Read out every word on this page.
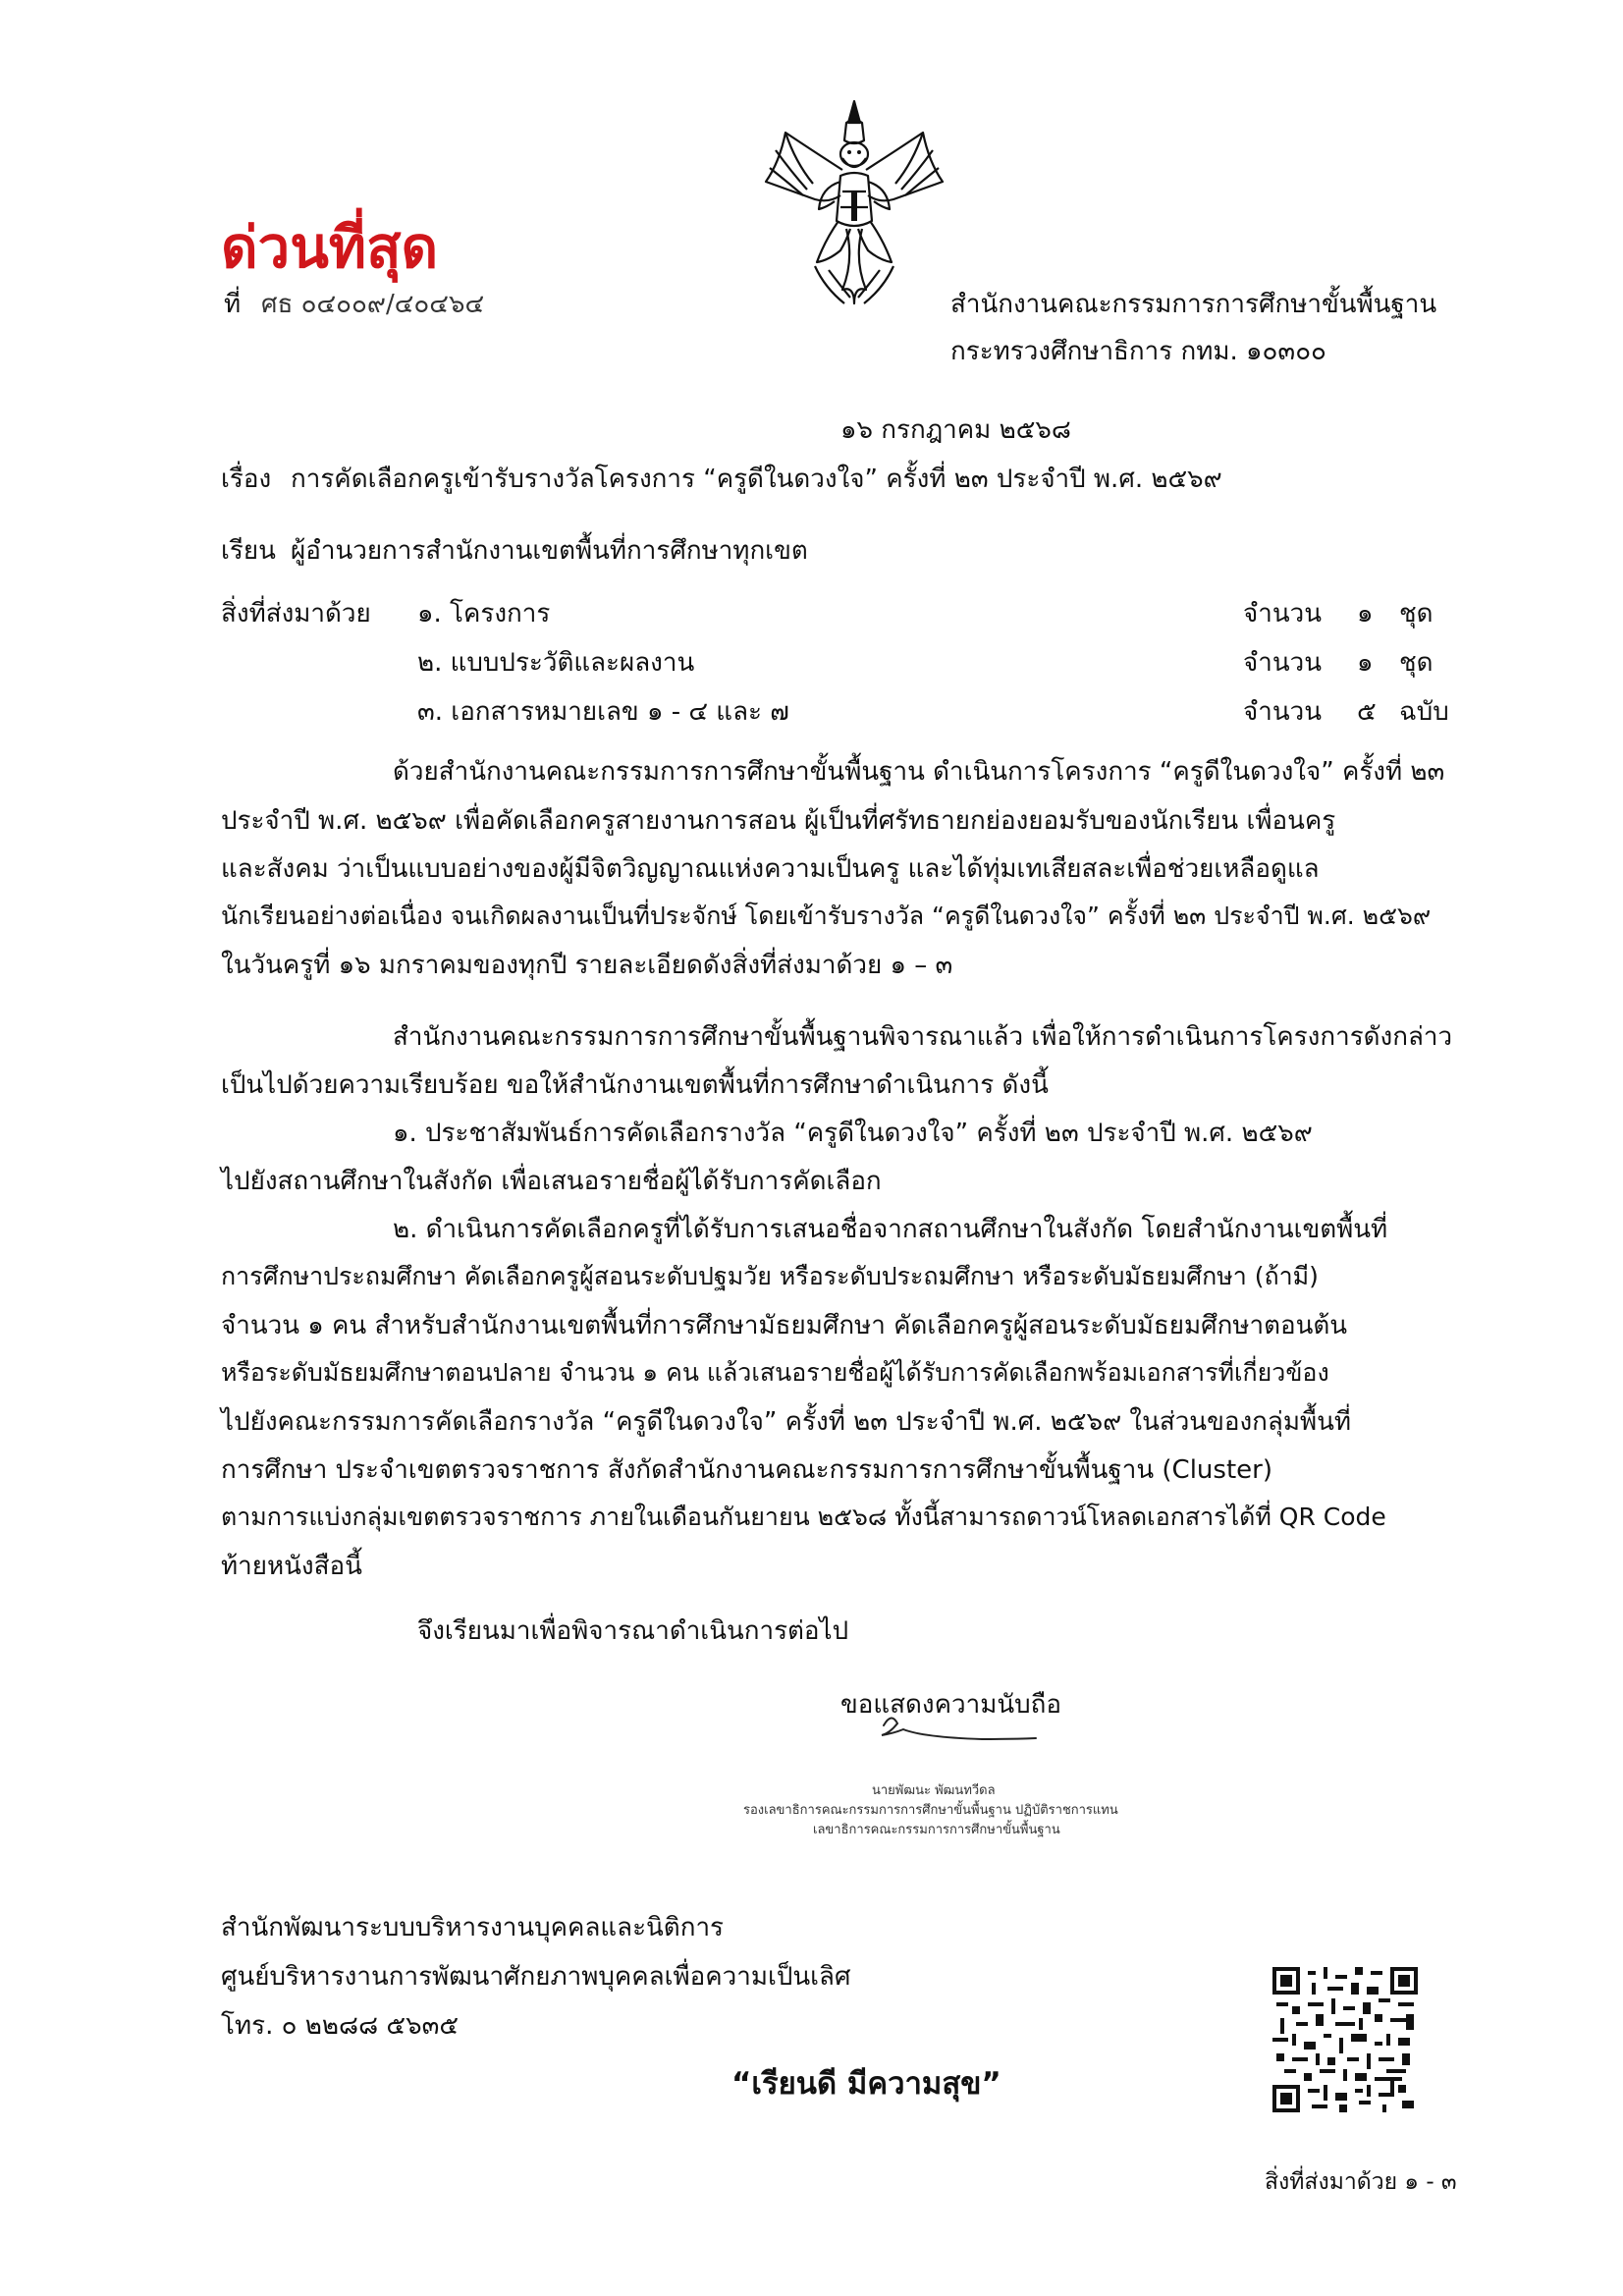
ด่วนที่สุด
ที่ ศธ ๐๔๐๐๙/๔๐๔๖๔	สำนักงานคณะกรรมการการศึกษาขั้นพื้นฐาน
กระทรวงศึกษาธิการ กทม. ๑๐๓๐๐
๑๖ กรกฎาคม ๒๕๖๘
เรื่อง การคัดเลือกครูเข้ารับรางวัลโครงการ “ครูดีในดวงใจ” ครั้งที่ ๒๓ ประจำปี พ.ศ. ๒๕๖๙
เรียน ผู้อำนวยการสำนักงานเขตพื้นที่การศึกษาทุกเขต
สิ่งที่ส่งมาด้วย ๑. โครงการ	จำนวน ๑ ชุด
๒. แบบประวัติและผลงาน	จำนวน ๑ ชุด
๓. เอกสารหมายเลข ๑ - ๔ และ ๗	จำนวน ๕ ฉบับ
ด้วยสำนักงานคณะกรรมการการศึกษาขั้นพื้นฐาน ดำเนินการโครงการ “ครูดีในดวงใจ” ครั้งที่ ๒๓
ประจำปี พ.ศ. ๒๕๖๙ เพื่อคัดเลือกครูสายงานการสอน ผู้เป็นที่ศรัทธายกย่องยอมรับของนักเรียน เพื่อนครู
และสังคม ว่าเป็นแบบอย่างของผู้มีจิตวิญญาณแห่งความเป็นครู และได้ทุ่มเทเสียสละเพื่อช่วยเหลือดูแล
นักเรียนอย่างต่อเนื่อง จนเกิดผลงานเป็นที่ประจักษ์ โดยเข้ารับรางวัล “ครูดีในดวงใจ” ครั้งที่ ๒๓ ประจำปี พ.ศ. ๒๕๖๙
ในวันครูที่ ๑๖ มกราคมของทุกปี รายละเอียดดังสิ่งที่ส่งมาด้วย ๑ – ๓
สำนักงานคณะกรรมการการศึกษาขั้นพื้นฐานพิจารณาแล้ว เพื่อให้การดำเนินการโครงการดังกล่าว
เป็นไปด้วยความเรียบร้อย ขอให้สำนักงานเขตพื้นที่การศึกษาดำเนินการ ดังนี้
๑. ประชาสัมพันธ์การคัดเลือกรางวัล “ครูดีในดวงใจ” ครั้งที่ ๒๓ ประจำปี พ.ศ. ๒๕๖๙
ไปยังสถานศึกษาในสังกัด เพื่อเสนอรายชื่อผู้ได้รับการคัดเลือก
๒. ดำเนินการคัดเลือกครูที่ได้รับการเสนอชื่อจากสถานศึกษาในสังกัด โดยสำนักงานเขตพื้นที่
การศึกษาประถมศึกษา คัดเลือกครูผู้สอนระดับปฐมวัย หรือระดับประถมศึกษา หรือระดับมัธยมศึกษา (ถ้ามี)
จำนวน ๑ คน สำหรับสำนักงานเขตพื้นที่การศึกษามัธยมศึกษา คัดเลือกครูผู้สอนระดับมัธยมศึกษาตอนต้น
หรือระดับมัธยมศึกษาตอนปลาย จำนวน ๑ คน แล้วเสนอรายชื่อผู้ได้รับการคัดเลือกพร้อมเอกสารที่เกี่ยวข้อง
ไปยังคณะกรรมการคัดเลือกรางวัล “ครูดีในดวงใจ” ครั้งที่ ๒๓ ประจำปี พ.ศ. ๒๕๖๙ ในส่วนของกลุ่มพื้นที่
การศึกษา ประจำเขตตรวจราชการ สังกัดสำนักงานคณะกรรมการการศึกษาขั้นพื้นฐาน (Cluster)
ตามการแบ่งกลุ่มเขตตรวจราชการ ภายในเดือนกันยายน ๒๕๖๘ ทั้งนี้สามารถดาวน์โหลดเอกสารได้ที่ QR Code
ท้ายหนังสือนี้
จึงเรียนมาเพื่อพิจารณาดำเนินการต่อไป
ขอแสดงความนับถือ
นายพัฒนะ พัฒนทวีดล
รองเลขาธิการคณะกรรมการการศึกษาขั้นพื้นฐาน ปฏิบัติราชการแทน
เลขาธิการคณะกรรมการการศึกษาขั้นพื้นฐาน
สำนักพัฒนาระบบบริหารงานบุคคลและนิติการ
ศูนย์บริหารงานการพัฒนาศักยภาพบุคคลเพื่อความเป็นเลิศ
โทร. ๐ ๒๒๘๘ ๕๖๓๕
“เรียนดี มีความสุข”
สิ่งที่ส่งมาด้วย ๑ - ๓
